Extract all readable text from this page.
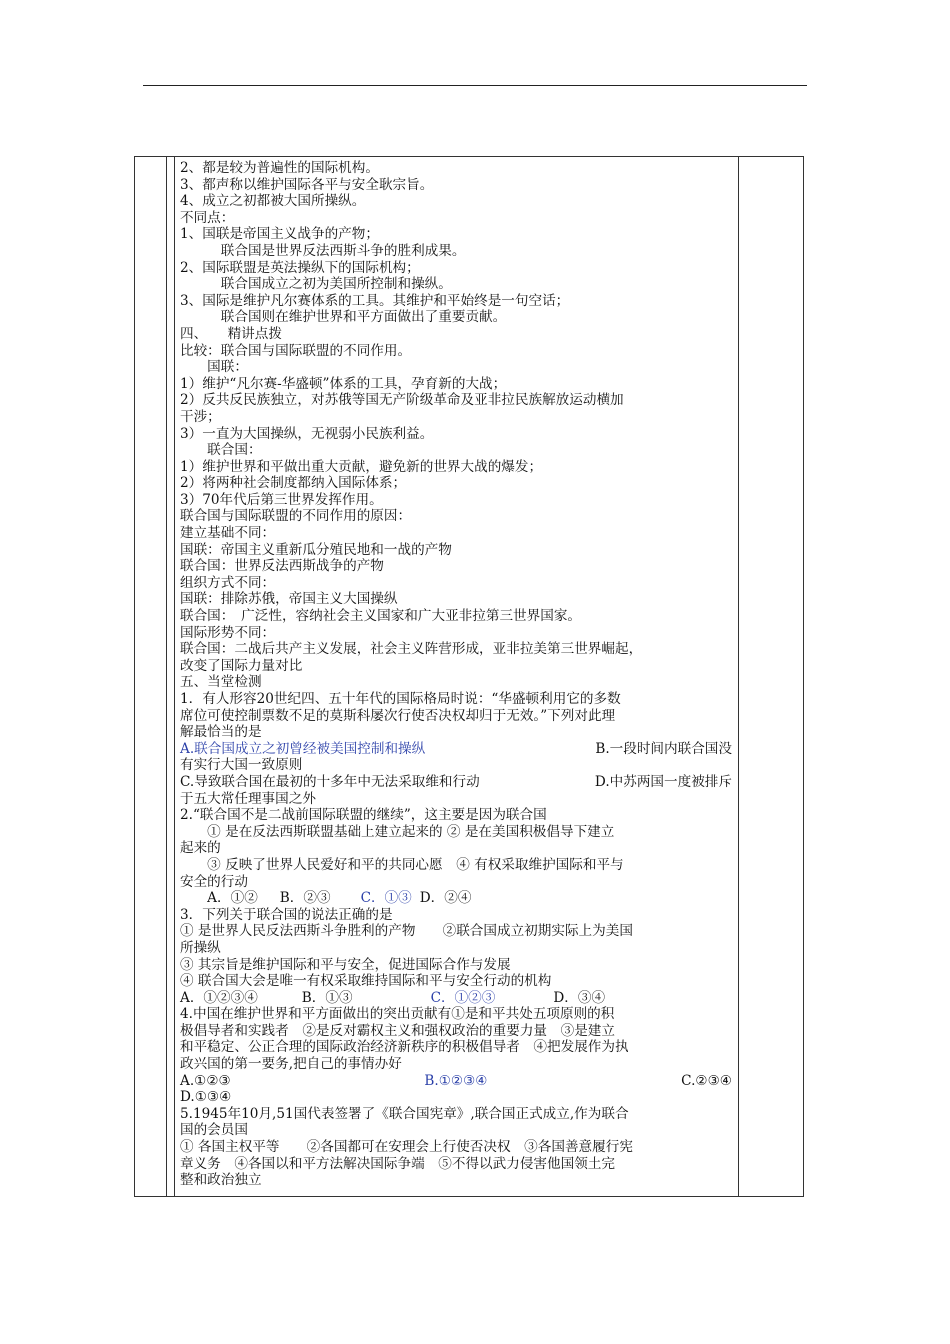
2、都是较为普遍性的国际机构。
3、都声称以维护国际各平与安全耿宗旨。
4、成立之初都被大国所操纵。
不同点：
1、国联是帝国主义战争的产物；
　　　联合国是世界反法西斯斗争的胜利成果。
2、国际联盟是英法操纵下的国际机构；
　　　联合国成立之初为美国所控制和操纵。
3、国际是维护凡尔赛体系的工具。其维护和平始终是一句空话；
　　　联合国则在维护世界和平方面做出了重要贡献。
四、　　精讲点拨
比较：联合国与国际联盟的不同作用。
　　国联：
1）维护“凡尔赛-华盛顿”体系的工具，孕育新的大战；
2）反共反民族独立，对苏俄等国无产阶级革命及亚非拉民族解放运动横加
干涉；
3）一直为大国操纵，无视弱小民族利益。
　　联合国：
1）维护世界和平做出重大贡献，避免新的世界大战的爆发；
2）将两种社会制度都纳入国际体系；
3）70年代后第三世界发挥作用。
联合国与国际联盟的不同作用的原因：
建立基础不同：
国联：帝国主义重新瓜分殖民地和一战的产物
联合国：世界反法西斯战争的产物
组织方式不同：
国联：排除苏俄，帝国主义大国操纵
联合国：　广泛性，容纳社会主义国家和广大亚非拉第三世界国家。
国际形势不同：
联合国：二战后共产主义发展，社会主义阵营形成，亚非拉美第三世界崛起，
改变了国际力量对比
五、当堂检测
1．有人形容20世纪四、五十年代的国际格局时说：“华盛顿利用它的多数
席位可使控制票数不足的莫斯科屡次行使否决权却归于无效。”下列对此理
解最恰当的是
A.联合国成立之初曾经被美国控制和操纵	B.一段时间内联合国没
有实行大国一致原则
C.导致联合国在最初的十多年中无法采取维和行动	D.中苏两国一度被排斥
于五大常任理事国之外
2.“联合国不是二战前国际联盟的继续”，这主要是因为联合国
　　① 是在反法西斯联盟基础上建立起来的 ② 是在美国积极倡导下建立
起来的
　　③ 反映了世界人民爱好和平的共同心愿　④ 有权采取维护国际和平与
安全的行动
　　A．①② B．②③ C．①③ D．②④
3．下列关于联合国的说法正确的是
① 是世界人民反法西斯斗争胜利的产物　　②联合国成立初期实际上为美国
所操纵
③ 其宗旨是维护国际和平与安全，促进国际合作与发展
④ 联合国大会是唯一有权采取维持国际和平与安全行动的机构
A．①②③④	B．①③	C．①②③	D．③④
4.中国在维护世界和平方面做出的突出贡献有①是和平共处五项原则的积
极倡导者和实践者　②是反对霸权主义和强权政治的重要力量　③是建立
和平稳定、公正合理的国际政治经济新秩序的积极倡导者　④把发展作为执
政兴国的第一要务,把自己的事情办好
A.①②③	B.①②③④	C.②③④
D.①③④
5.1945年10月,51国代表签署了《联合国宪章》,联合国正式成立,作为联合
国的会员国
① 各国主权平等　　②各国都可在安理会上行使否决权　③各国善意履行宪
章义务　④各国以和平方法解决国际争端　⑤不得以武力侵害他国领土完
整和政治独立
